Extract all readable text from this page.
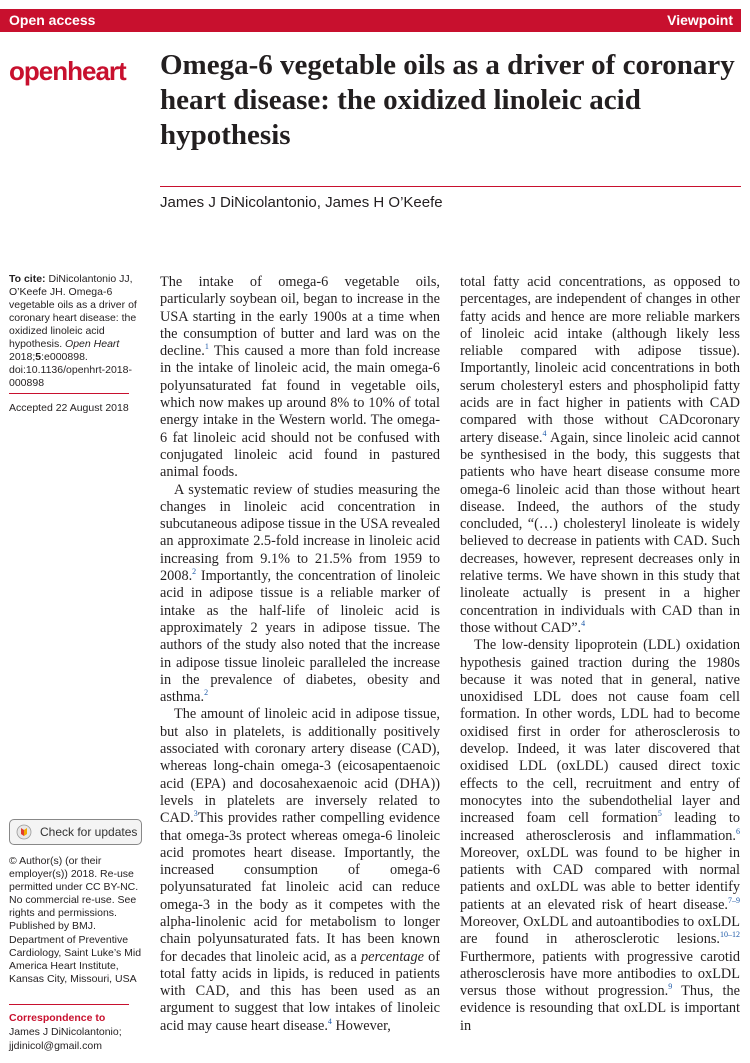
Open access	Viewpoint
openheart Omega-6 vegetable oils as a driver of coronary heart disease: the oxidized linoleic acid hypothesis
James J DiNicolantonio, James H O’Keefe

To cite: DiNicolantonio JJ, O’Keefe JH. Omega-6 vegetable oils as a driver of coronary heart disease: the oxidized linoleic acid hypothesis. Open Heart 2018;5:e000898. doi:10.1136/openhrt-2018-000898

Accepted 22 August 2018
Check for updates
© Author(s) (or their employer(s)) 2018. Re-use permitted under CC BY-NC. No commercial re-use. See rights and permissions. Published by BMJ.
Department of Preventive Cardiology, Saint Luke’s Mid America Heart Institute, Kansas City, Missouri, USA
Correspondence to
James J DiNicolantonio;
jjdinicol@gmail.com

The intake of omega-6 vegetable oils, particularly soybean oil, began to increase in the USA starting in the early 1900s at a time when the consumption of butter and lard was on the decline.$^1$ This caused a more than fold increase in the intake of linoleic acid, the main omega-6 polyunsaturated fat found in vegetable oils, which now makes up around 8% to 10% of total energy intake in the Western world. The omega-6 fat linoleic acid should not be confused with conjugated linoleic acid found in pastured animal foods.

A systematic review of studies measuring the changes in linoleic acid concentration in subcutaneous adipose tissue in the USA revealed an approximate 2.5-fold increase in linoleic acid increasing from 9.1% to 21.5% from 1959 to 2008.$^2$ Importantly, the concentration of linoleic acid in adipose tissue is a reliable marker of intake as the half-life of linoleic acid is approximately 2 years in adipose tissue. The authors of the study also noted that the increase in adipose tissue linoleic paralleled the increase in the prevalence of diabetes, obesity and asthma.$^2$

The amount of linoleic acid in adipose tissue, but also in platelets, is additionally positively associated with coronary artery disease (CAD), whereas long-chain omega-3 (eicosapentaenoic acid (EPA) and docosahexaenoic acid (DHA)) levels in platelets are inversely related to CAD.$^3$This provides rather compelling evidence that omega-3s protect whereas omega-6 linoleic acid promotes heart disease. Importantly, the increased consumption of omega-6 polyunsaturated fat linoleic acid can reduce omega-3 in the body as it competes with the alpha-linolenic acid for metabolism to longer chain polyunsaturated fats. It has been known for decades that linoleic acid, as a percentage of total fatty acids in lipids, is reduced in patients with CAD, and this has been used as an argument to suggest that low intakes of linoleic acid may cause heart disease.$^4$ However,

total fatty acid concentrations, as opposed to percentages, are independent of changes in other fatty acids and hence are more reliable markers of linoleic acid intake (although likely less reliable compared with adipose tissue). Importantly, linoleic acid concentrations in both serum cholesteryl esters and phospholipid fatty acids are in fact higher in patients with CAD compared with those without CADcoronary artery disease.$^4$ Again, since linoleic acid cannot be synthesised in the body, this suggests that patients who have heart disease consume more omega-6 linoleic acid than those without heart disease. Indeed, the authors of the study concluded, “(…) cholesteryl linoleate is widely believed to decrease in patients with CAD. Such decreases, however, represent decreases only in relative terms. We have shown in this study that linoleate actually is present in a higher concentration in individuals with CAD than in those without CAD”.$^4$

The low-density lipoprotein (LDL) oxidation hypothesis gained traction during the 1980s because it was noted that in general, native unoxidised LDL does not cause foam cell formation. In other words, LDL had to become oxidised first in order for atherosclerosis to develop. Indeed, it was later discovered that oxidised LDL (oxLDL) caused direct toxic effects to the cell, recruitment and entry of monocytes into the subendothelial layer and increased foam cell formation$^5$ leading to increased atherosclerosis and inflammation.$^6$ Moreover, oxLDL was found to be higher in patients with CAD compared with normal patients and oxLDL was able to better identify patients at an elevated risk of heart disease.$^{7-9}$ Moreover, OxLDL and autoantibodies to oxLDL are found in atherosclerotic lesions.$^{10-12}$ Furthermore, patients with progressive carotid atherosclerosis have more antibodies to oxLDL versus those without progression.$^9$ Thus, the evidence is resounding that oxLDL is important in
